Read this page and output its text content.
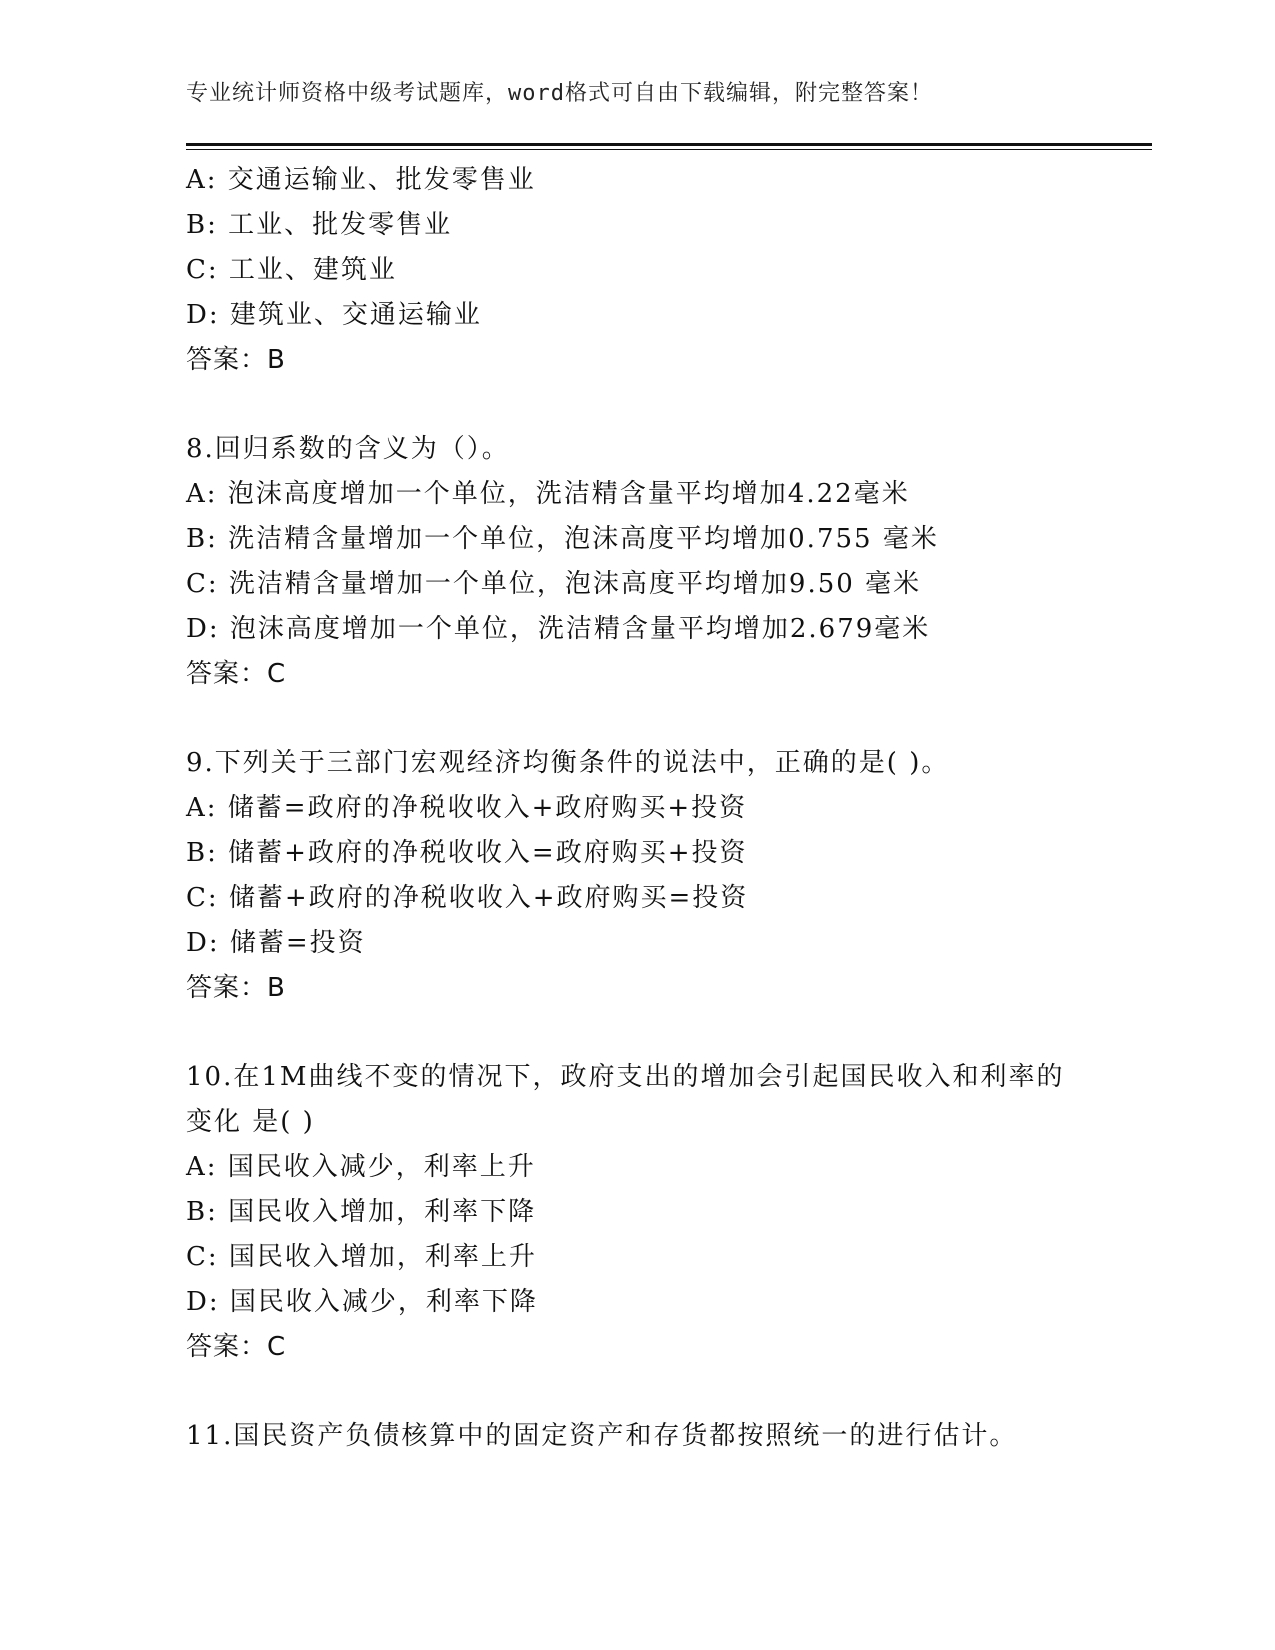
专业统计师资格中级考试题库，word格式可自由下载编辑，附完整答案！
A: 交通运输业、批发零售业
B: 工业、批发零售业
C: 工业、建筑业
D: 建筑业、交通运输业
答案：B
8.回归系数的含义为（）。
A: 泡沫高度增加一个单位，洗洁精含量平均增加4.22毫米
B: 洗洁精含量增加一个单位，泡沫高度平均增加0.755 毫米
C: 洗洁精含量增加一个单位，泡沫高度平均增加9.50 毫米
D: 泡沫高度增加一个单位，洗洁精含量平均增加2.679毫米
答案：C
9.下列关于三部门宏观经济均衡条件的说法中，正确的是( )。
A: 储蓄=政府的净税收收入+政府购买+投资
B: 储蓄+政府的净税收收入=政府购买+投资
C: 储蓄+政府的净税收收入+政府购买=投资
D: 储蓄=投资
答案：B
10.在1M曲线不变的情况下，政府支出的增加会引起国民收入和利率的变化 是( )
A: 国民收入减少，利率上升
B: 国民收入增加，利率下降
C: 国民收入增加，利率上升
D: 国民收入减少，利率下降
答案：C
11.国民资产负债核算中的固定资产和存货都按照统一的进行估计。
